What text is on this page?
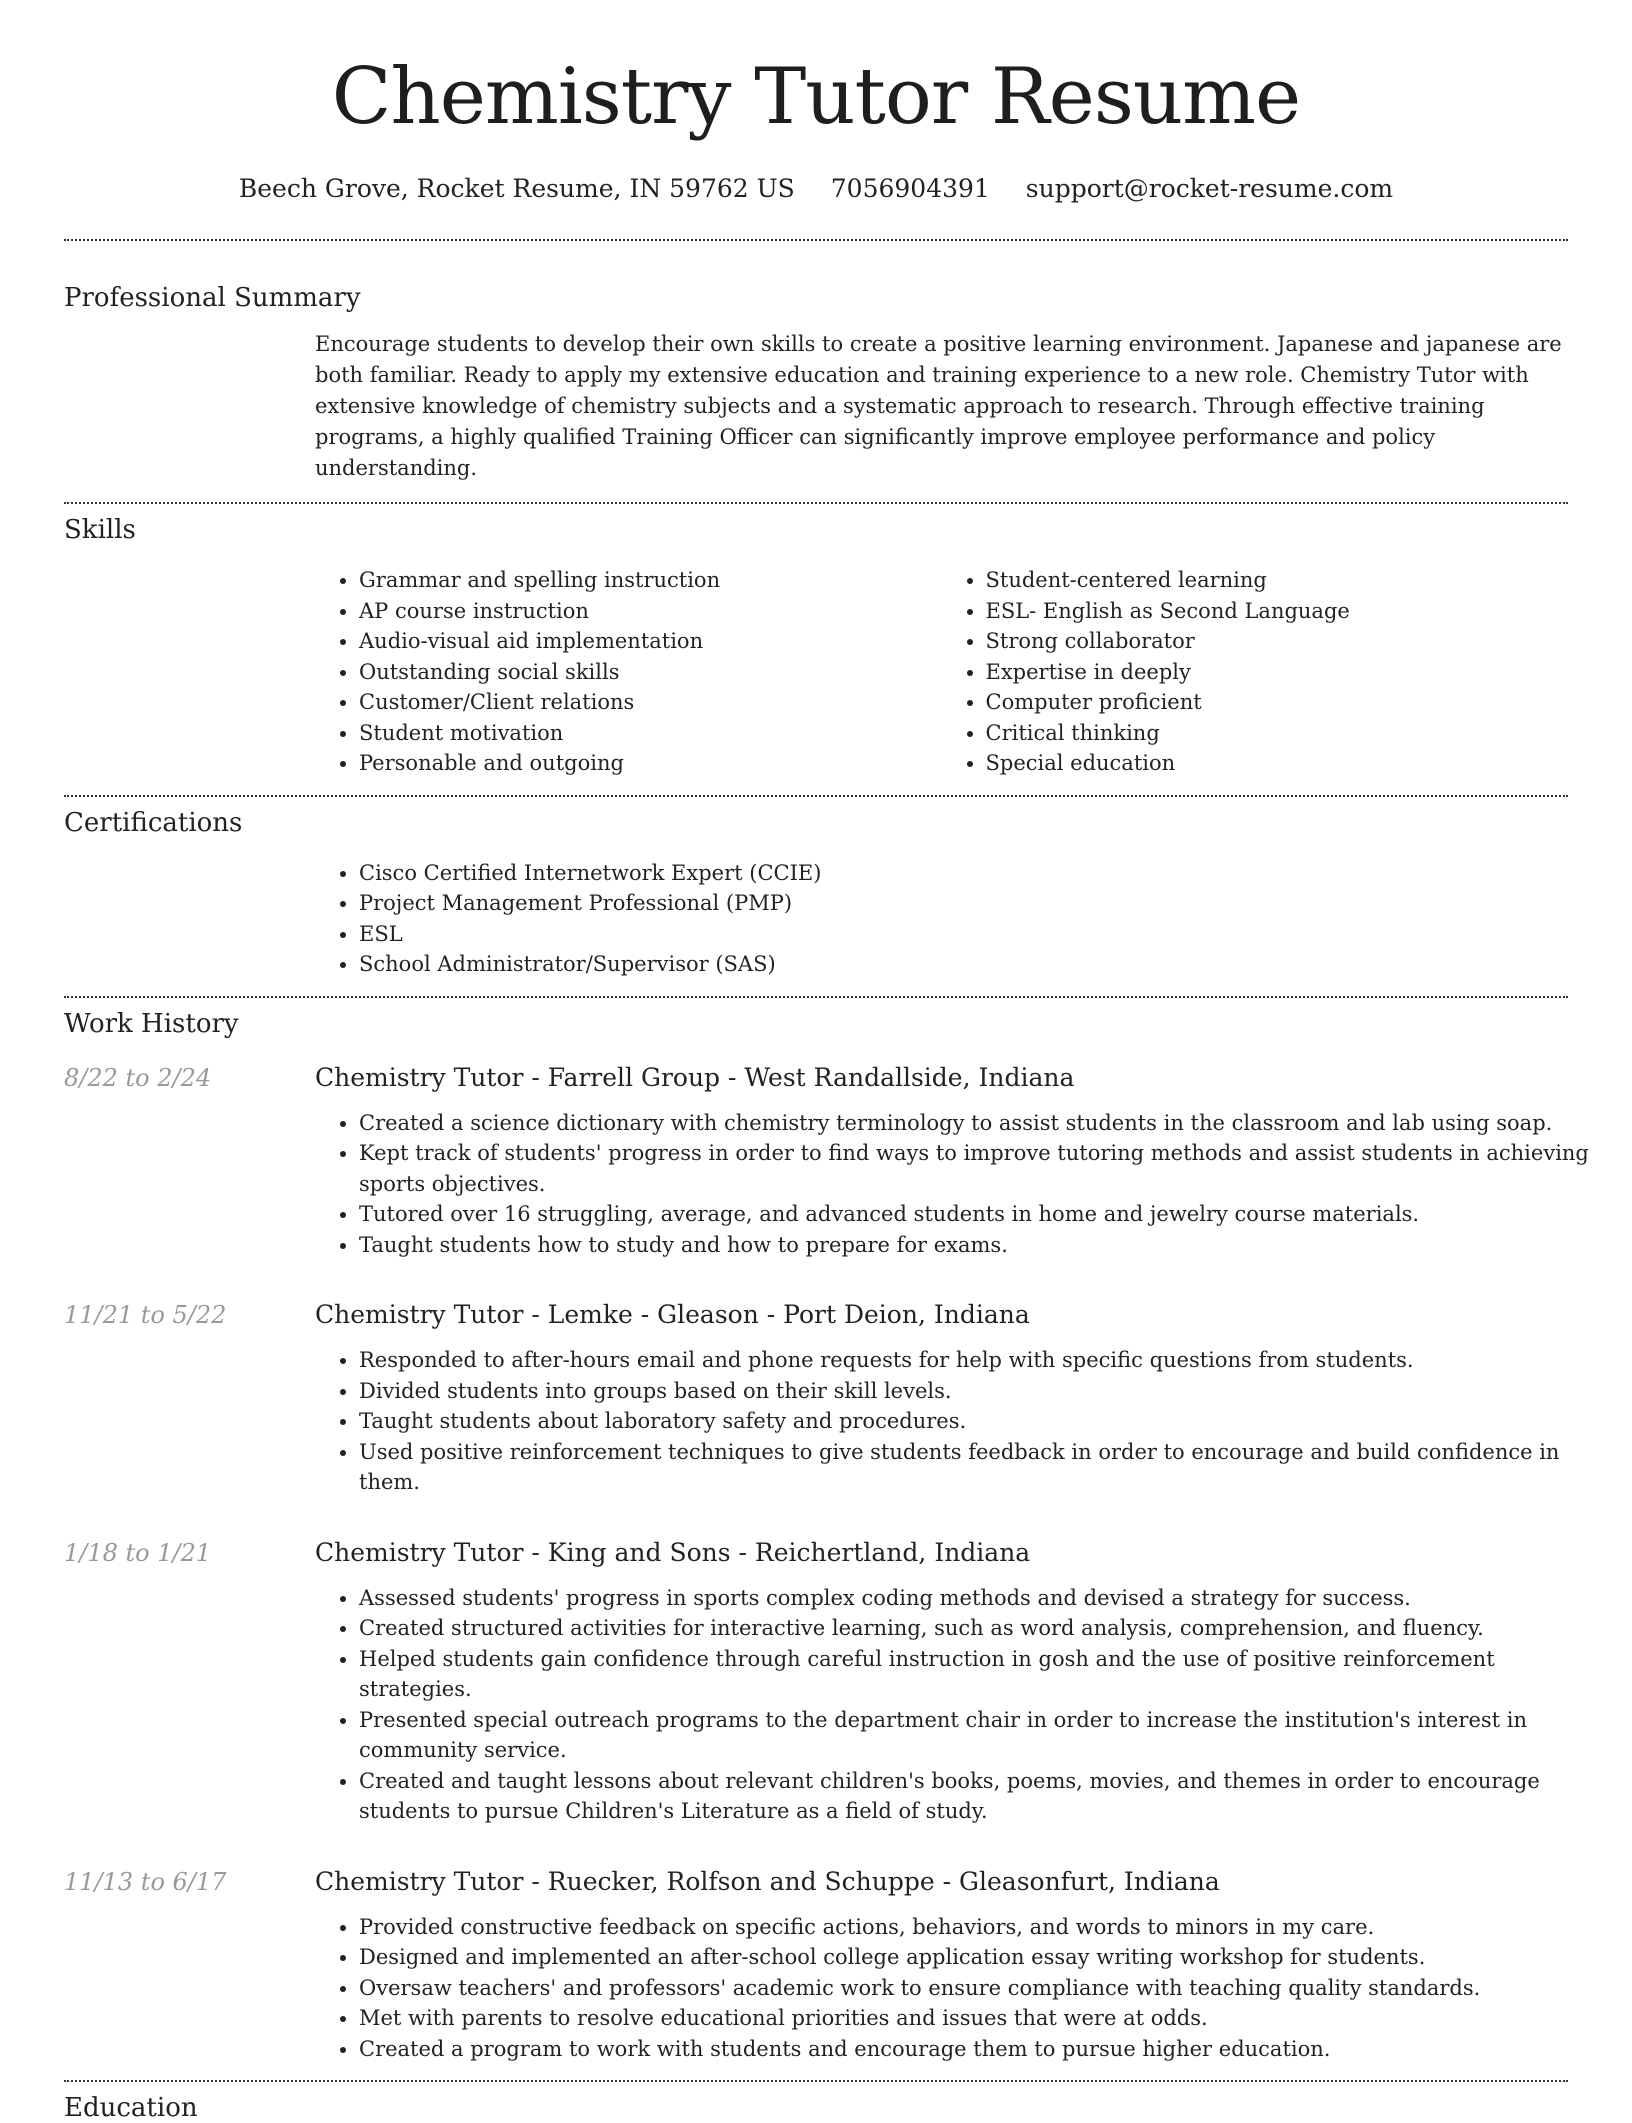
Chemistry Tutor Resume
Beech Grove, Rocket Resume, IN 59762 US 7056904391 support@rocket-resume.com
Professional Summary
Encourage students to develop their own skills to create a positive learning environment. Japanese and japanese are both familiar. Ready to apply my extensive education and training experience to a new role. Chemistry Tutor with extensive knowledge of chemistry subjects and a systematic approach to research. Through effective training programs, a highly qualified Training Officer can significantly improve employee performance and policy understanding.
Skills
• Grammar and spelling instruction
• AP course instruction
• Audio-visual aid implementation
• Outstanding social skills
• Customer/Client relations
• Student motivation
• Personable and outgoing
• Student-centered learning
• ESL- English as Second Language
• Strong collaborator
• Expertise in deeply
• Computer proficient
• Critical thinking
• Special education
Certifications
• Cisco Certified Internetwork Expert (CCIE)
• Project Management Professional (PMP)
• ESL
• School Administrator/Supervisor (SAS)
Work History
8/22 to 2/24	Chemistry Tutor - Farrell Group - West Randallside, Indiana
• Created a science dictionary with chemistry terminology to assist students in the classroom and lab using soap.
• Kept track of students' progress in order to find ways to improve tutoring methods and assist students in achieving sports objectives.
• Tutored over 16 struggling, average, and advanced students in home and jewelry course materials.
• Taught students how to study and how to prepare for exams.
11/21 to 5/22	Chemistry Tutor - Lemke - Gleason - Port Deion, Indiana
• Responded to after-hours email and phone requests for help with specific questions from students.
• Divided students into groups based on their skill levels.
• Taught students about laboratory safety and procedures.
• Used positive reinforcement techniques to give students feedback in order to encourage and build confidence in them.
1/18 to 1/21	Chemistry Tutor - King and Sons - Reichertland, Indiana
• Assessed students' progress in sports complex coding methods and devised a strategy for success.
• Created structured activities for interactive learning, such as word analysis, comprehension, and fluency.
• Helped students gain confidence through careful instruction in gosh and the use of positive reinforcement strategies.
• Presented special outreach programs to the department chair in order to increase the institution's interest in community service.
• Created and taught lessons about relevant children's books, poems, movies, and themes in order to encourage students to pursue Children's Literature as a field of study.
11/13 to 6/17	Chemistry Tutor - Ruecker, Rolfson and Schuppe - Gleasonfurt, Indiana
• Provided constructive feedback on specific actions, behaviors, and words to minors in my care.
• Designed and implemented an after-school college application essay writing workshop for students.
• Oversaw teachers' and professors' academic work to ensure compliance with teaching quality standards.
• Met with parents to resolve educational priorities and issues that were at odds.
• Created a program to work with students and encourage them to pursue higher education.
Education
